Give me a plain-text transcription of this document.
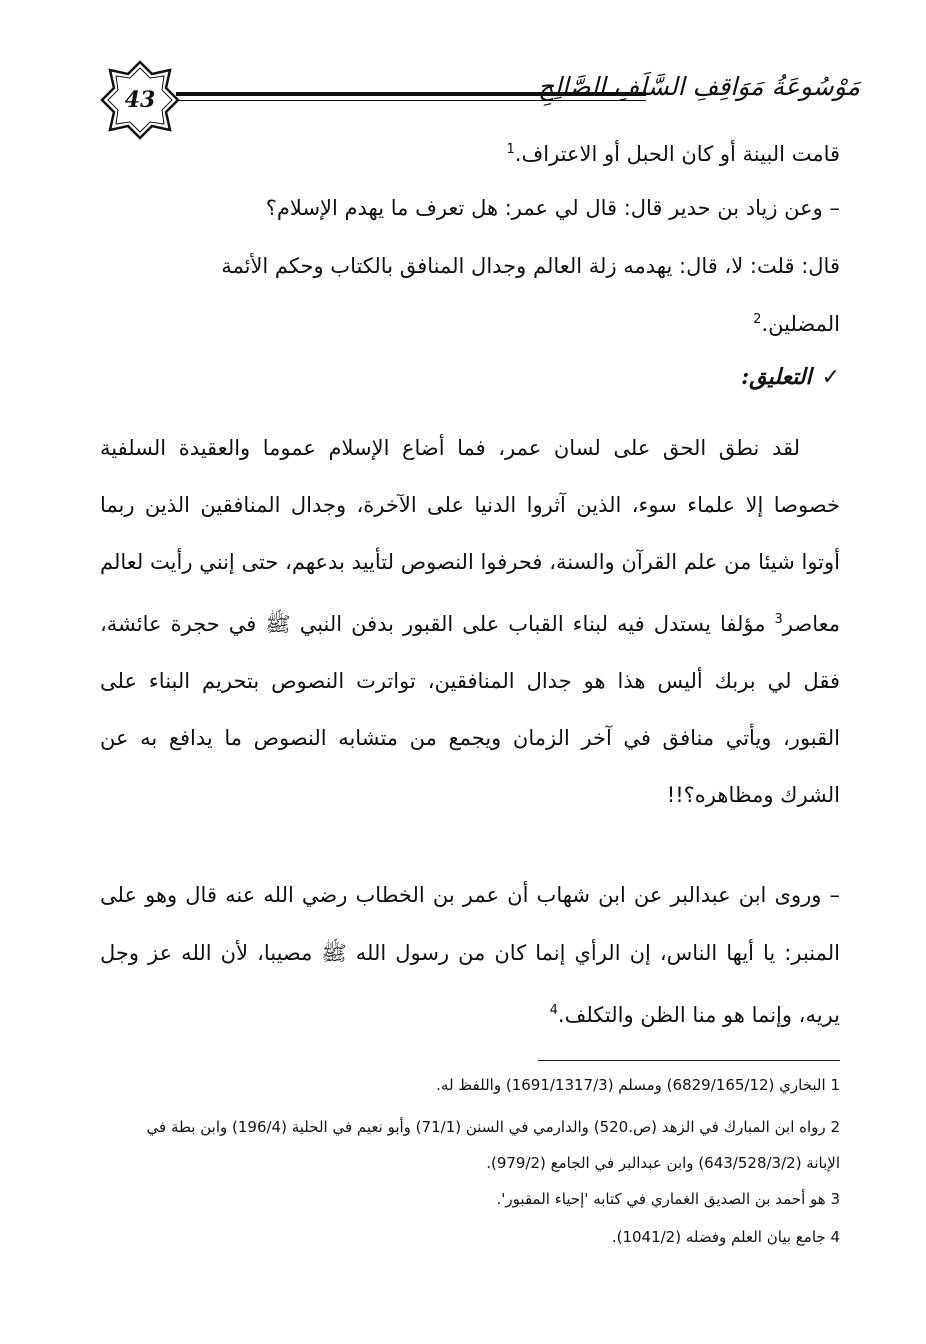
43	مَوْسُوعَةُ مَوَاقِفِ السَّلَفِ الصَّالِحِ
قامت البينة أو كان الحبل أو الاعتراف.$^1$
– وعن زياد بن حدير قال: قال لي عمر: هل تعرف ما يهدم الإسلام؟
قال: قلت: لا، قال: يهدمه زلة العالم وجدال المنافق بالكتاب وحكم الأئمة
المضلين.$^2$
✓
التعليق:
لقد نطق الحق على لسان عمر، فما أضاع الإسلام عموما والعقيدة السلفية خصوصا إلا علماء سوء، الذين آثروا الدنيا على الآخرة، وجدال المنافقين الذين ربما أوتوا شيئا من علم القرآن والسنة، فحرفوا النصوص لتأييد بدعهم، حتى إنني رأيت لعالم معاصر$^3$ مؤلفا يستدل فيه لبناء القباب على القبور بدفن النبي ﷺ في حجرة عائشة، فقل لي بربك أليس هذا هو جدال المنافقين، تواترت النصوص بتحريم البناء على القبور، ويأتي منافق في آخر الزمان ويجمع من متشابه النصوص ما يدافع به عن الشرك ومظاهره؟!!
– وروى ابن عبدالبر عن ابن شهاب أن عمر بن الخطاب رضي الله عنه قال وهو على المنبر: يا أيها الناس، إن الرأي إنما كان من رسول الله ﷺ مصيبا، لأن الله عز وجل يريه، وإنما هو منا الظن والتكلف.$^4$
1 البخاري (6829/165/12) ومسلم (1691/1317/3) واللفظ له.
2 رواه ابن المبارك في الزهد (ص.520) والدارمي في السنن (71/1) وأبو نعيم في الحلية (196/4) وابن بطة في
الإبانة (643/528/3/2) وابن عبدالبر في الجامع (979/2).
3 هو أحمد بن الصديق الغماري في كتابه 'إحياء المقبور'.
4 جامع بيان العلم وفضله (1041/2).
